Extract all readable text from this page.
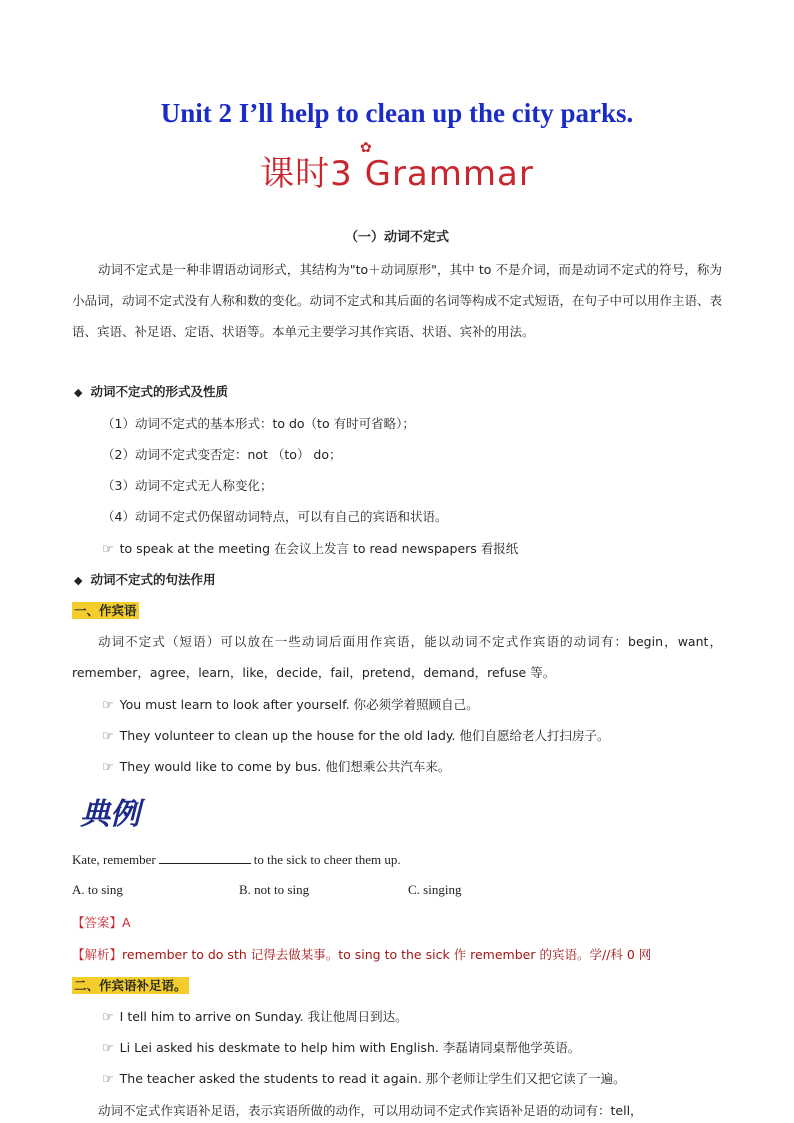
Unit 2 I’ll help to clean up the city parks.
✿
课时3 Grammar
（一）动词不定式
动词不定式是一种非谓语动词形式，其结构为"to＋动词原形"，其中 to 不是介词，而是动词不定式的符号，称为小品词，动词不定式没有人称和数的变化。动词不定式和其后面的名词等构成不定式短语，在句子中可以用作主语、表语、宾语、补足语、定语、状语等。本单元主要学习其作宾语、状语、宾补的用法。
◆ 动词不定式的形式及性质
（1）动词不定式的基本形式：to do（to 有时可省略）；
（2）动词不定式变否定：not （to） do；
（3）动词不定式无人称变化；
（4）动词不定式仍保留动词特点，可以有自己的宾语和状语。
☞ to speak at the meeting 在会议上发言 to read newspapers 看报纸
◆ 动词不定式的句法作用
一、作宾语
动词不定式（短语）可以放在一些动词后面用作宾语，能以动词不定式作宾语的动词有：begin，want，remember，agree，learn，like，decide，fail，pretend，demand，refuse 等。
☞ You must learn to look after yourself. 你必须学着照顾自己。
☞ They volunteer to clean up the house for the old lady. 他们自愿给老人打扫房子。
☞ They would like to come by bus. 他们想乘公共汽车来。
典例
Kate, remember	to the sick to cheer them up.
A. to sing	B. not to sing	C. singing
【答案】A
【解析】remember to do sth 记得去做某事。to sing to the sick 作 remember 的宾语。学//科 0 网
二、作宾语补足语。
☞ I tell him to arrive on Sunday. 我让他周日到达。
☞ Li Lei asked his deskmate to help him with English. 李磊请同桌帮他学英语。
☞ The teacher asked the students to read it again. 那个老师让学生们又把它读了一遍。
动词不定式作宾语补足语，表示宾语所做的动作，可以用动词不定式作宾语补足语的动词有：tell，
